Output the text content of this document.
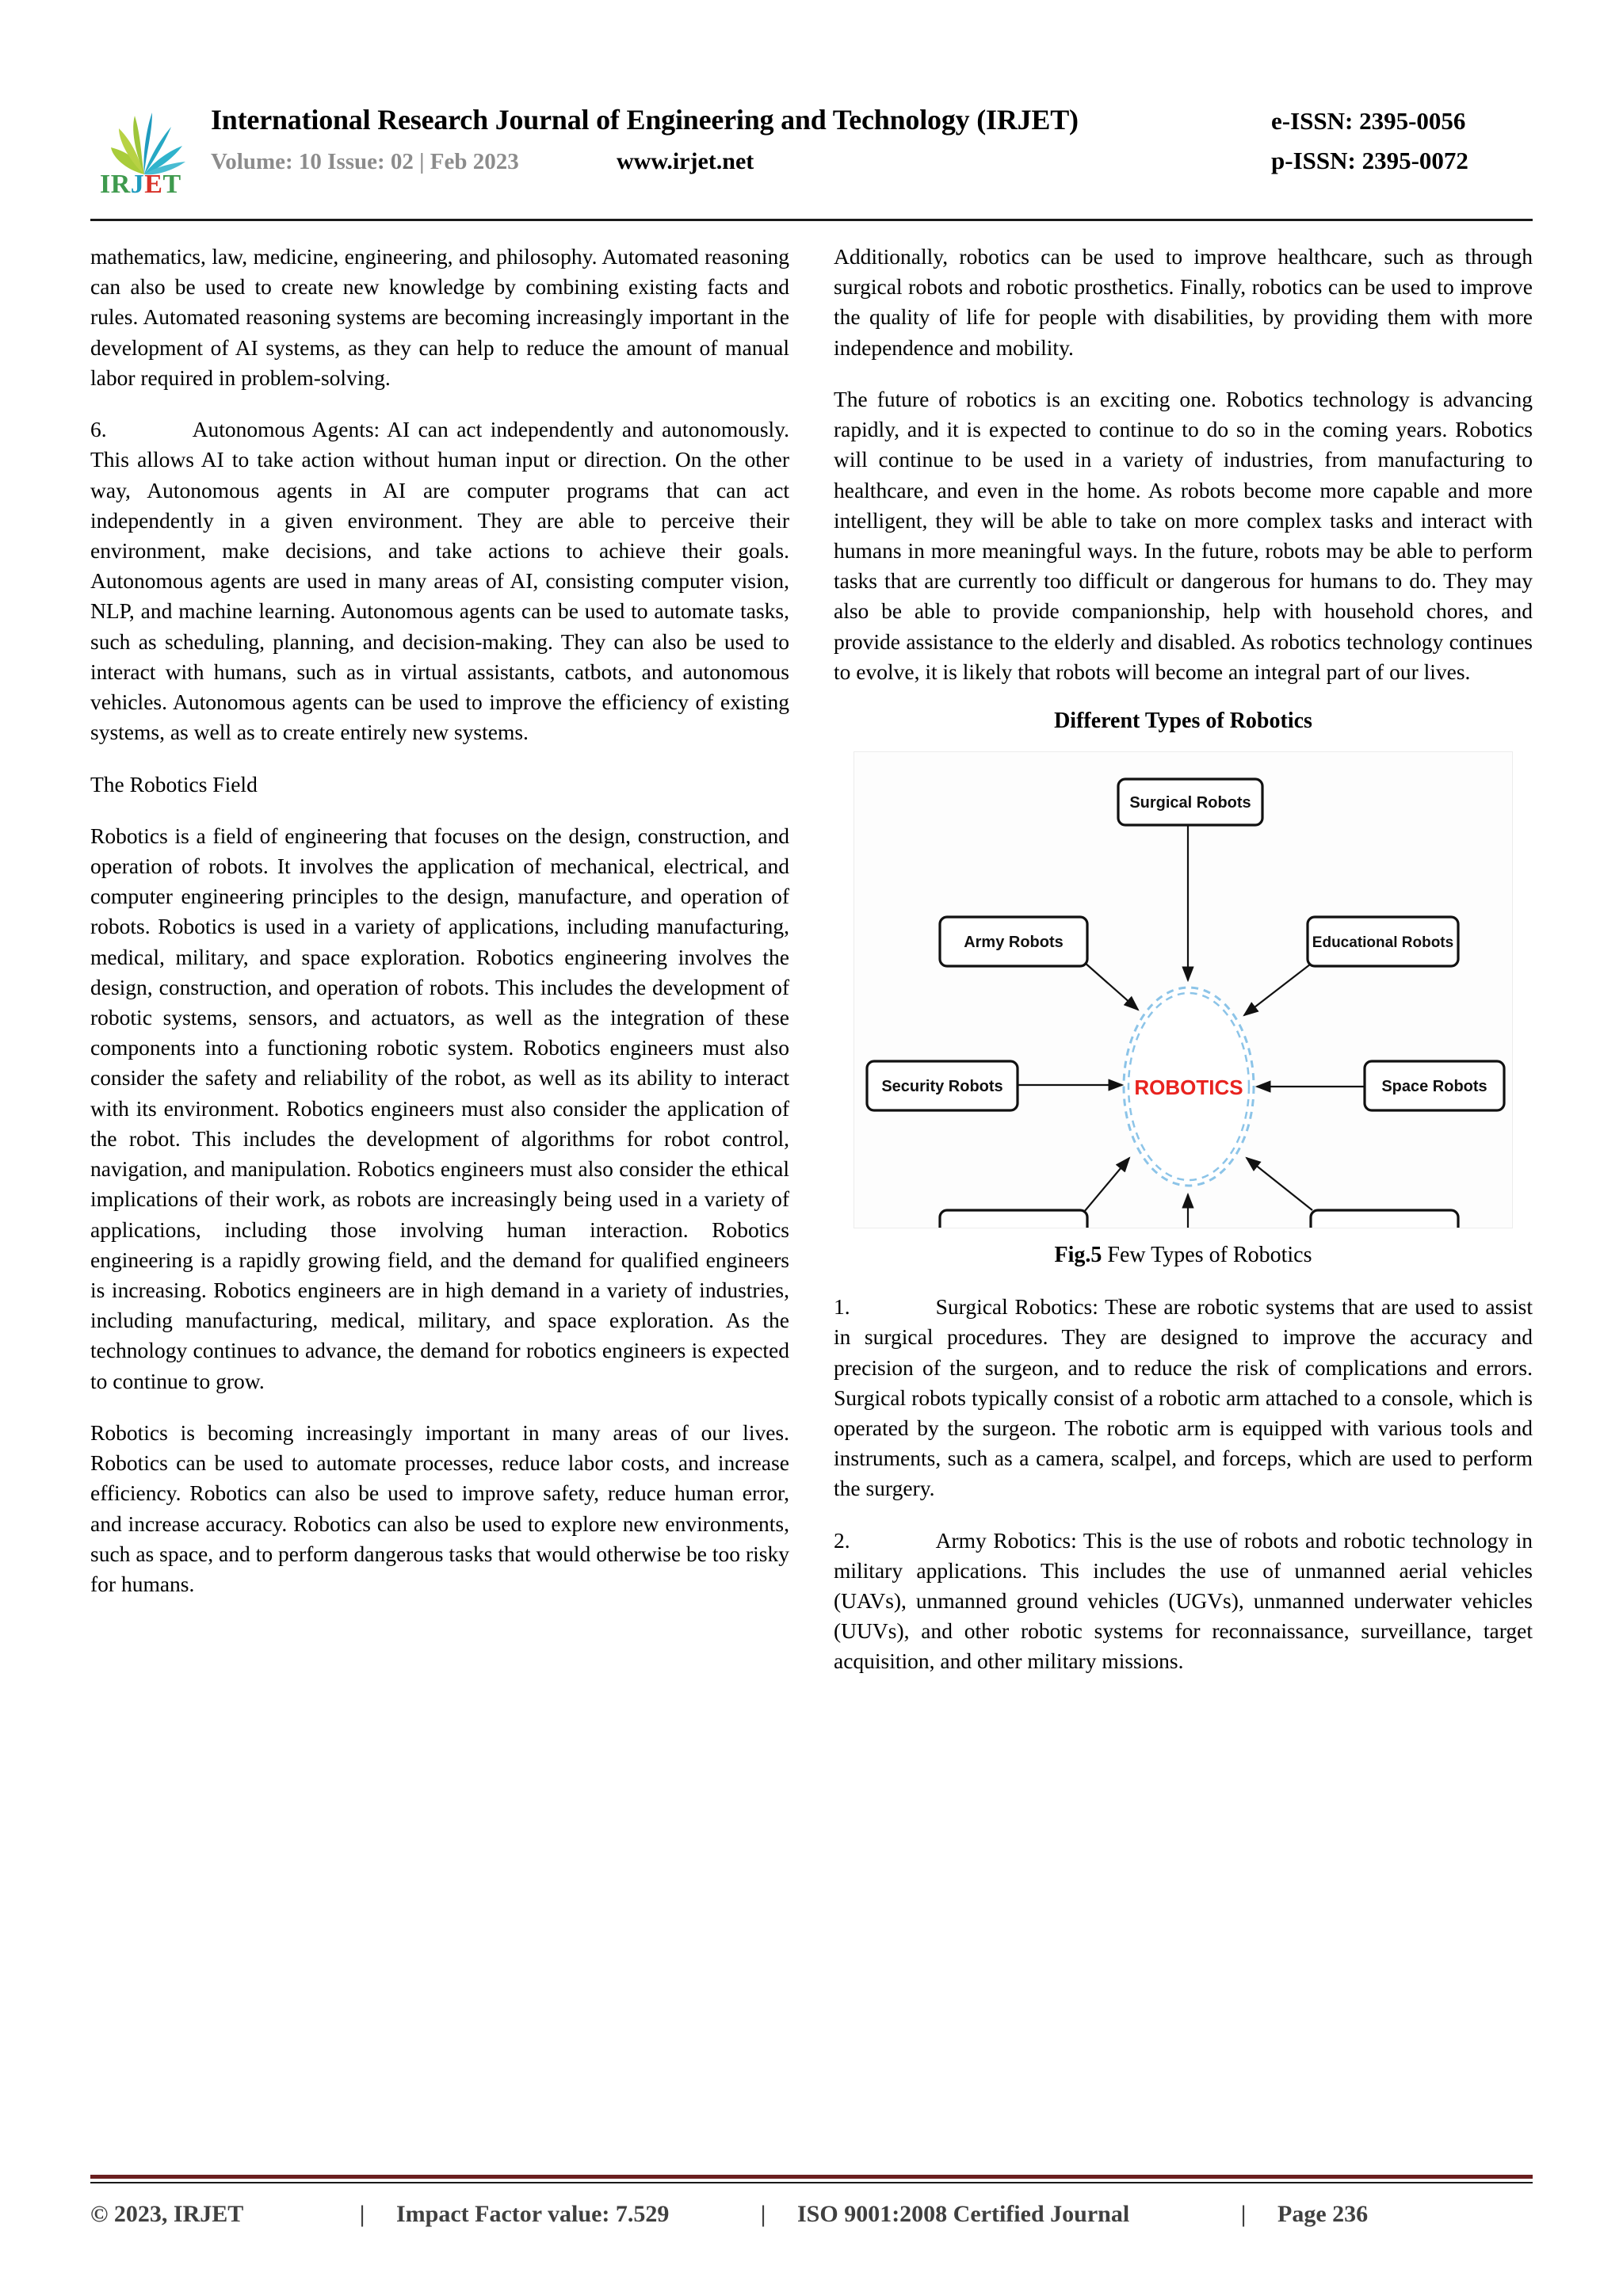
IRJET
International Research Journal of Engineering and Technology (IRJET)	e-ISSN: 2395-0056
Volume: 10 Issue: 02 | Feb 2023	www.irjet.net	p-ISSN: 2395-0072

mathematics, law, medicine, engineering, and philosophy. Automated reasoning can also be used to create new knowledge by combining existing facts and rules. Automated reasoning systems are becoming increasingly important in the development of AI systems, as they can help to reduce the amount of manual labor required in problem-solving.

6.	Autonomous Agents: AI can act independently and autonomously. This allows AI to take action without human input or direction. On the other way, Autonomous agents in AI are computer programs that can act independently in a given environment. They are able to perceive their environment, make decisions, and take actions to achieve their goals. Autonomous agents are used in many areas of AI, consisting computer vision, NLP, and machine learning. Autonomous agents can be used to automate tasks, such as scheduling, planning, and decision-making. They can also be used to interact with humans, such as in virtual assistants, catbots, and autonomous vehicles. Autonomous agents can be used to improve the efficiency of existing systems, as well as to create entirely new systems.

The Robotics Field

Robotics is a field of engineering that focuses on the design, construction, and operation of robots. It involves the application of mechanical, electrical, and computer engineering principles to the design, manufacture, and operation of robots. Robotics is used in a variety of applications, including manufacturing, medical, military, and space exploration. Robotics engineering involves the design, construction, and operation of robots. This includes the development of robotic systems, sensors, and actuators, as well as the integration of these components into a functioning robotic system. Robotics engineers must also consider the safety and reliability of the robot, as well as its ability to interact with its environment. Robotics engineers must also consider the application of the robot. This includes the development of algorithms for robot control, navigation, and manipulation. Robotics engineers must also consider the ethical implications of their work, as robots are increasingly being used in a variety of applications, including those involving human interaction. Robotics engineering is a rapidly growing field, and the demand for qualified engineers is increasing. Robotics engineers are in high demand in a variety of industries, including manufacturing, medical, military, and space exploration. As the technology continues to advance, the demand for robotics engineers is expected to continue to grow.

Robotics is becoming increasingly important in many areas of our lives. Robotics can be used to automate processes, reduce labor costs, and increase efficiency. Robotics can also be used to improve safety, reduce human error, and increase accuracy. Robotics can also be used to explore new environments, such as space, and to perform dangerous tasks that would otherwise be too risky for humans.

Additionally, robotics can be used to improve healthcare, such as through surgical robots and robotic prosthetics. Finally, robotics can be used to improve the quality of life for people with disabilities, by providing them with more independence and mobility.

The future of robotics is an exciting one. Robotics technology is advancing rapidly, and it is expected to continue to do so in the coming years. Robotics will continue to be used in a variety of industries, from manufacturing to healthcare, and even in the home. As robots become more capable and more intelligent, they will be able to take on more complex tasks and interact with humans in more meaningful ways. In the future, robots may be able to perform tasks that are currently too difficult or dangerous for humans to do. They may also be able to provide companionship, help with household chores, and provide assistance to the elderly and disabled. As robotics technology continues to evolve, it is likely that robots will become an integral part of our lives.

Different Types of Robotics
ROBOTICS
Surgical Robots
Army Robots	Educational Robots
Security Robots	Space Robots
Fig.5 Few Types of Robotics

1.	Surgical Robotics: These are robotic systems that are used to assist in surgical procedures. They are designed to improve the accuracy and precision of the surgeon, and to reduce the risk of complications and errors. Surgical robots typically consist of a robotic arm attached to a console, which is operated by the surgeon. The robotic arm is equipped with various tools and instruments, such as a camera, scalpel, and forceps, which are used to perform the surgery.

2.	Army Robotics: This is the use of robots and robotic technology in military applications. This includes the use of unmanned aerial vehicles (UAVs), unmanned ground vehicles (UGVs), unmanned underwater vehicles (UUVs), and other robotic systems for reconnaissance, surveillance, target acquisition, and other military missions.

© 2023, IRJET	|	Impact Factor value: 7.529	|	ISO 9001:2008 Certified Journal	|	Page 236
